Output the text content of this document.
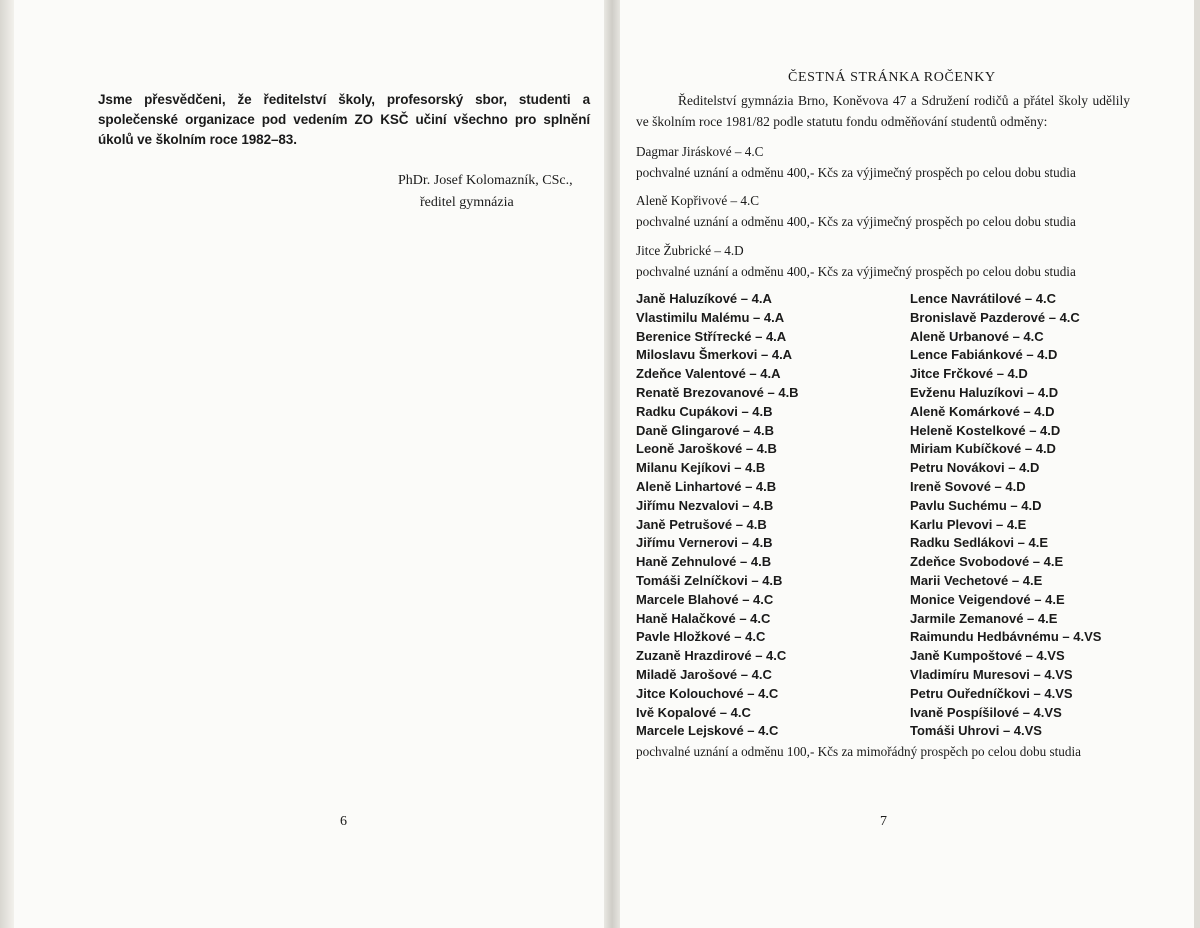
Jsme přesvědčeni, že ředitelství školy, profesorský sbor, studenti a společenské organizace pod vedením ZO KSČ učiní všechno pro splnění úkolů ve školním roce 1982–83.

PhDr. Josef Kolomazník, CSc.,
ředitel gymnázia
6
ČESTNÁ STRÁNKA ROČENKY
Ředitelství gymnázia Brno, Koněvova 47 a Sdružení rodičů a přátel školy udělily ve školním roce 1981/82 podle statutu fondu odměňování studentů odměny:
Dagmar Jiráskové – 4.C
pochvalné uznání a odměnu 400,- Kčs za výjimečný prospěch po celou dobu studia
Aleně Kopřivové – 4.C
pochvalné uznání a odměnu 400,- Kčs za výjimečný prospěch po celou dobu studia
Jitce Žubrické – 4.D
pochvalné uznání a odměnu 400,- Kčs za výjimečný prospěch po celou dobu studia
Janě Haluzíkové – 4.A
Vlastimilu Malému – 4.A
Berenice Stříтecké – 4.A
Miloslavu Šmerkovi – 4.A
Zdeňce Valentové – 4.A
Renatě Brezovanové – 4.B
Radku Cupákovi – 4.B
Daně Glingarové – 4.B
Leoně Jaroškové – 4.B
Milanu Kejíkovi – 4.B
Aleně Linhartové – 4.B
Jiřímu Nezvalovi – 4.B
Janě Petrušové – 4.B
Jiřímu Vernerovi – 4.B
Haně Zehnulové – 4.B
Tomáši Zelníčkovi – 4.B
Marcele Blahové – 4.C
Haně Halačkové – 4.C
Pavle Hložkové – 4.C
Zuzaně Hrazdirové – 4.C
Miladě Jarošové – 4.C
Jitce Kolouchové – 4.C
Ivě Kopalové – 4.C
Marcele Lejskové – 4.C
Lence Navrátilové – 4.C
Bronislavě Pazderové – 4.C
Aleně Urbanové – 4.C
Lence Fabiánkové – 4.D
Jitce Frčkové – 4.D
Evženu Haluzíkovi – 4.D
Aleně Komárkové – 4.D
Heleně Kostelkové – 4.D
Miriam Kubíčkové – 4.D
Petru Novákovi – 4.D
Ireně Sovové – 4.D
Pavlu Suchému – 4.D
Karlu Plevovi – 4.E
Radku Sedlákovi – 4.E
Zdeňce Svobodové – 4.E
Marii Vechetové – 4.E
Monice Veigendové – 4.E
Jarmile Zemanové – 4.E
Raimundu Hedbávnému – 4.VS
Janě Kumpoštové – 4.VS
Vladimíru Muresovi – 4.VS
Petru Ouředníčkovi – 4.VS
Ivaně Pospíšilové – 4.VS
Tomáši Uhrovi – 4.VS
pochvalné uznání a odměnu 100,- Kčs za mimořádný prospěch po celou dobu studia
7
